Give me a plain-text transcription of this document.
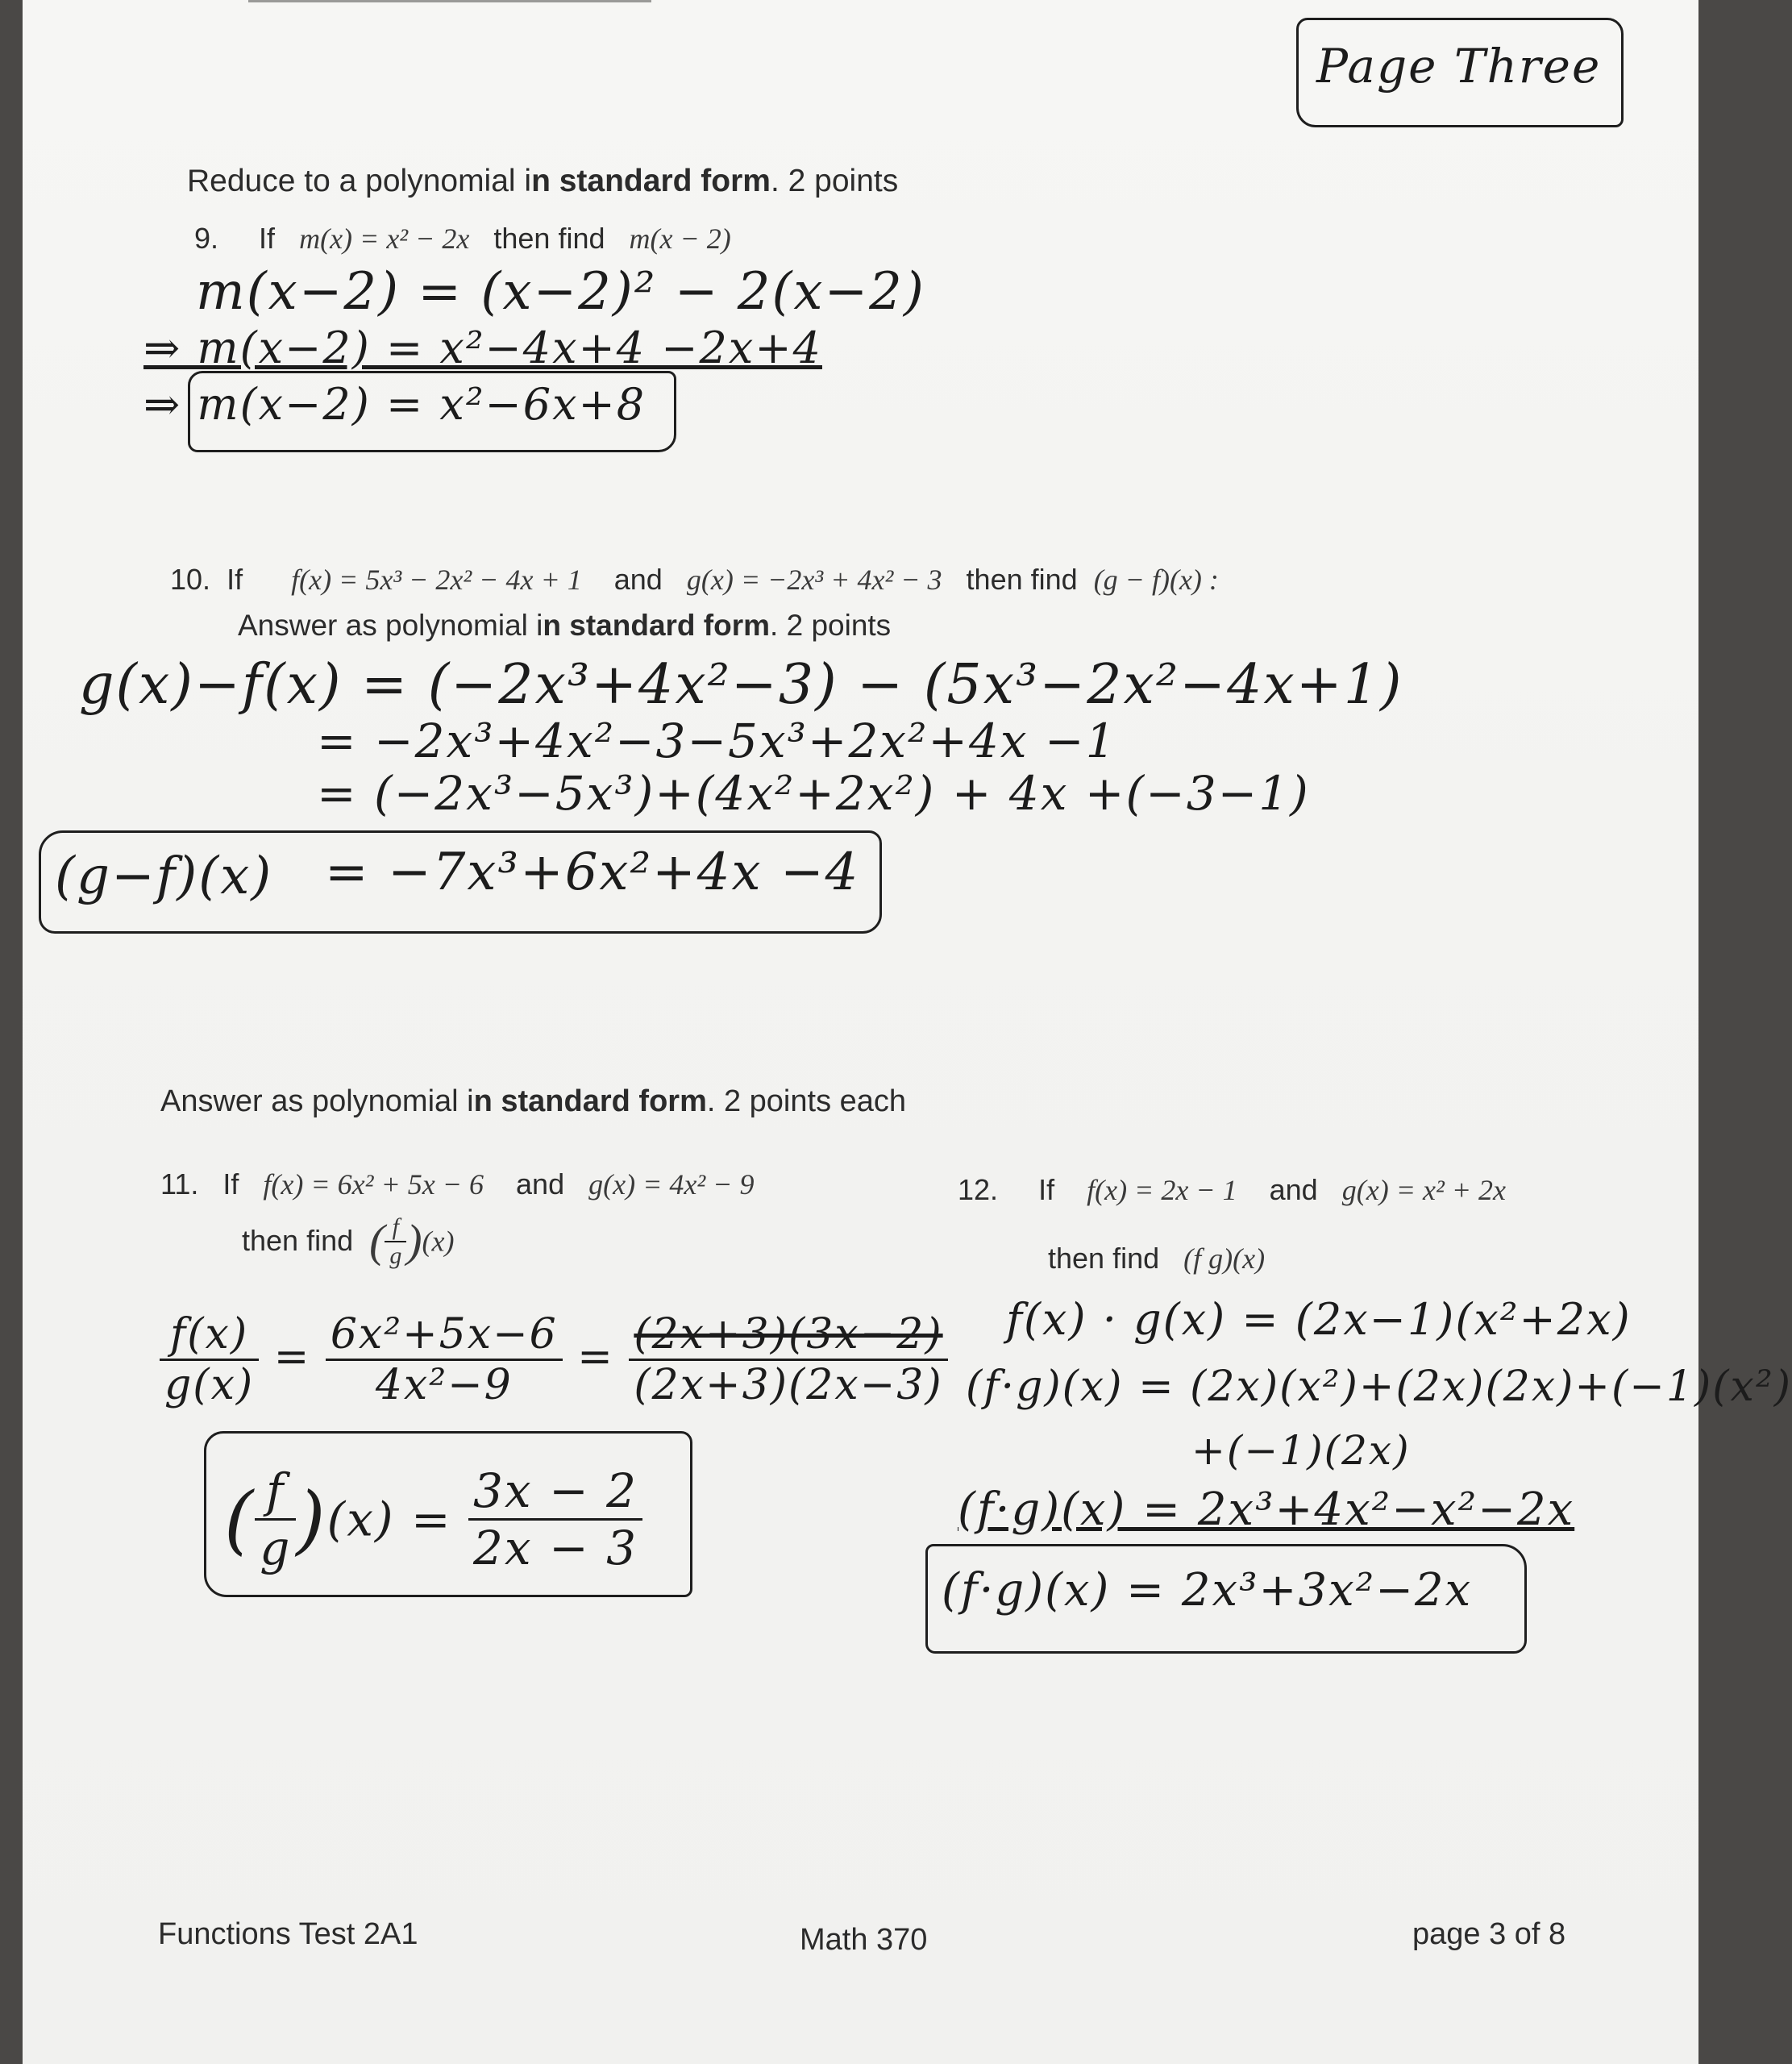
Page Three
Reduce to a polynomial in standard form. 2 points
9. If m(x) = x² − 2x then find m(x − 2)
m(x−2) = (x−2)² − 2(x−2)
⇒ m(x−2) = x²−4x+4 −2x+4
⇒ m(x−2) = x²−6x+8
10. If f(x) = 5x³ − 2x² − 4x + 1 and g(x) = −2x³ + 4x² − 3 then find (g − f)(x) :
Answer as polynomial in standard form. 2 points
g(x)−f(x) = (−2x³+4x²−3) − (5x³−2x²−4x+1)
= −2x³+4x²−3−5x³+2x²+4x −1
= (−2x³−5x³)+(4x²+2x²) + 4x +(−3−1)
(g−f)(x) = −7x³+6x²+4x −4
Answer as polynomial in standard form. 2 points each
11. If f(x) = 6x² + 5x − 6 and g(x) = 4x² − 9
then find ( $\frac{f}{g} )(x)$
$\frac{f(x)}{g(x)} = \frac{\text{6x²+5x−6}}{\text{4x²−9}} = \frac{(2x+3)(3x-2)}{(2x+3)(2x-3)}$
( $\frac{f}{g} )(x) = \frac{3x - 2}{2x - 3}$
12. If f(x) = 2x − 1 and g(x) = x² + 2x
then find (f g)(x)
f(x) · g(x) = (2x−1)(x²+2x)
(f·g)(x) = (2x)(x²)+(2x)(2x)+(−1)(x²)
+(−1)(2x)
(f·g)(x) = 2x³+4x²−x²−2x
(f·g)(x) = 2x³+3x²−2x
Functions Test 2A1	Math 370	page 3 of 8
